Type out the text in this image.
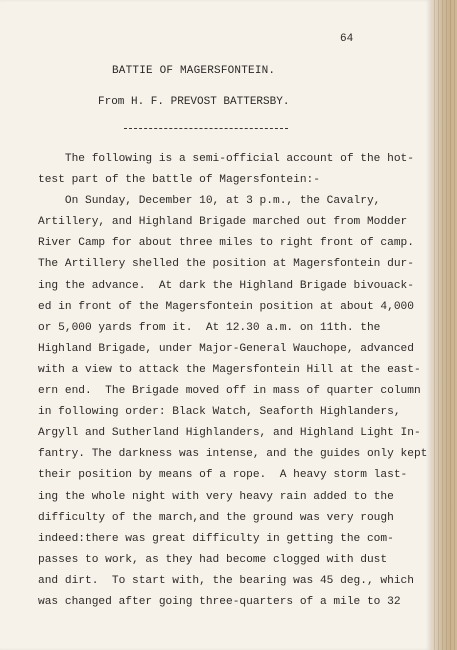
64
BATTIE OF MAGERSFONTEIN.
From H. F. PREVOST BATTERSBY.
The following is a semi-official account of the hot-
test part of the battle of Magersfontein:-
On Sunday, December 10, at 3 p.m., the Cavalry,
Artillery, and Highland Brigade marched out from Modder
River Camp for about three miles to right front of camp.
The Artillery shelled the position at Magersfontein dur-
ing the advance.  At dark the Highland Brigade bivouack-
ed in front of the Magersfontein position at about 4,000
or 5,000 yards from it.  At 12.30 a.m. on 11th. the
Highland Brigade, under Major-General Wauchope, advanced
with a view to attack the Magersfontein Hill at the east-
ern end.  The Brigade moved off in mass of quarter column
in following order: Black Watch, Seaforth Highlanders,
Argyll and Sutherland Highlanders, and Highland Light In-
fantry. The darkness was intense, and the guides only kept
their position by means of a rope.  A heavy storm last-
ing the whole night with very heavy rain added to the
difficulty of the march,and the ground was very rough
indeed:there was great difficulty in getting the com-
passes to work, as they had become clogged with dust
and dirt.  To start with, the bearing was 45 deg., which
was changed after going three-quarters of a mile to 32
